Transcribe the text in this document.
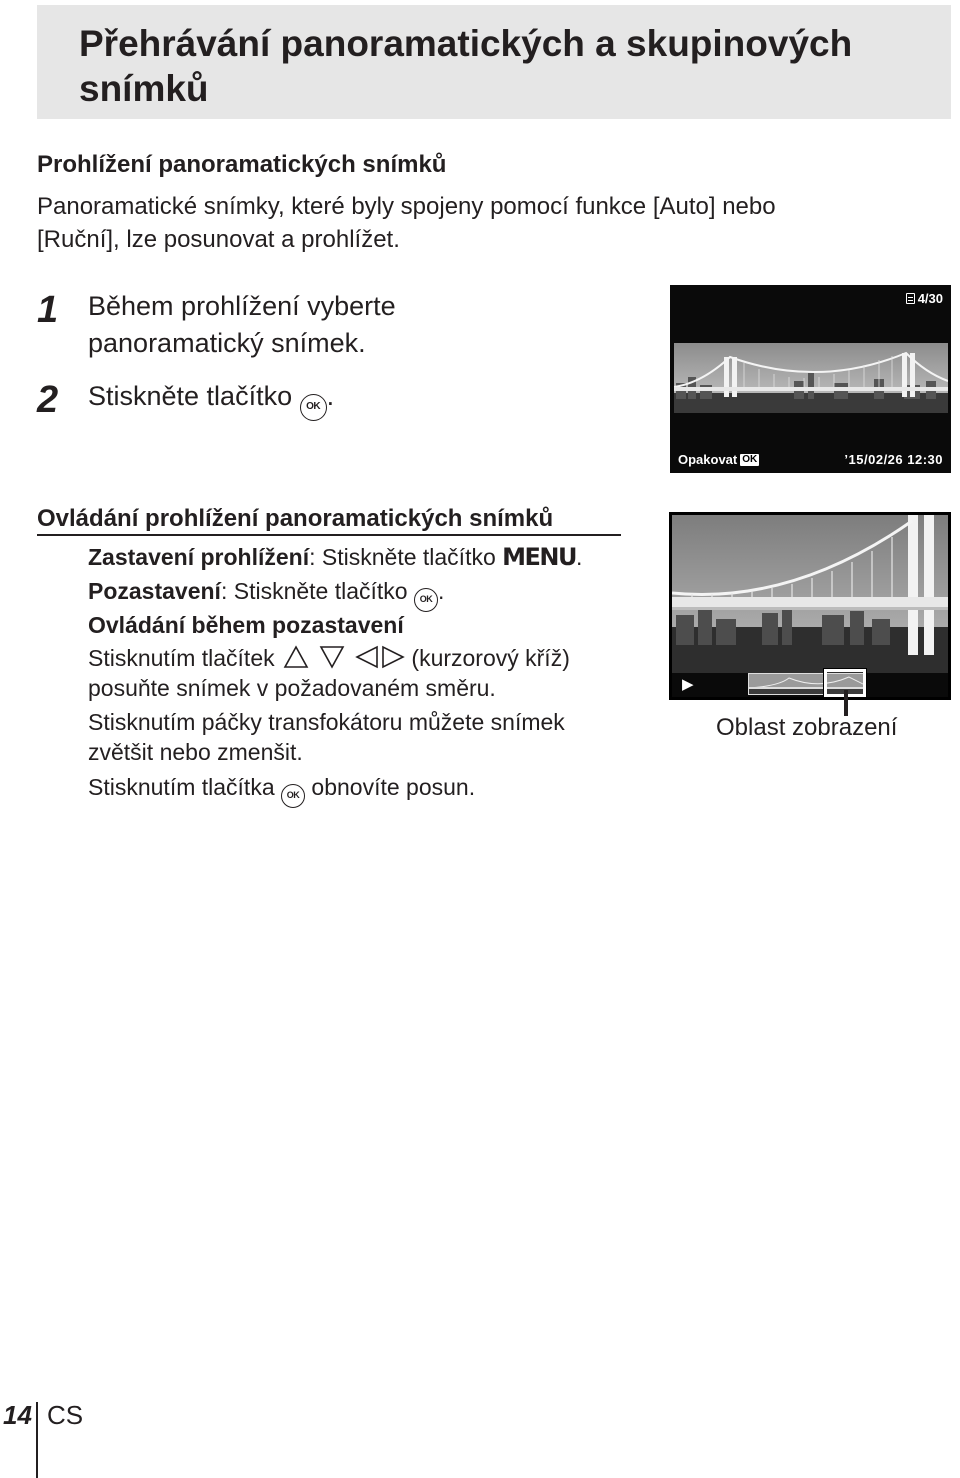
Přehrávání panoramatických a skupinových snímků
Prohlížení panoramatických snímků
Panoramatické snímky, které byly spojeny pomocí funkce [Auto] nebo
[Ruční], lze posunovat a prohlížet.
1 Během prohlížení vyberte
panoramatický snímek.
2 Stiskněte tlačítko OK .
4/30
Opakovat OK	’15/02/26 12:30
▶
Oblast zobrazení
Ovládání prohlížení panoramatických snímků
Zastavení prohlížení: Stiskněte tlačítko MENU.
Pozastavení: Stiskněte tlačítko OK .
Ovládání během pozastavení
Stisknutím tlačítek	(kurzorový kříž)
posuňte snímek v požadovaném směru.
Stisknutím páčky transfokátoru můžete snímek
zvětšit nebo zmenšit.
Stisknutím tlačítka OK obnovíte posun.
14 CS
